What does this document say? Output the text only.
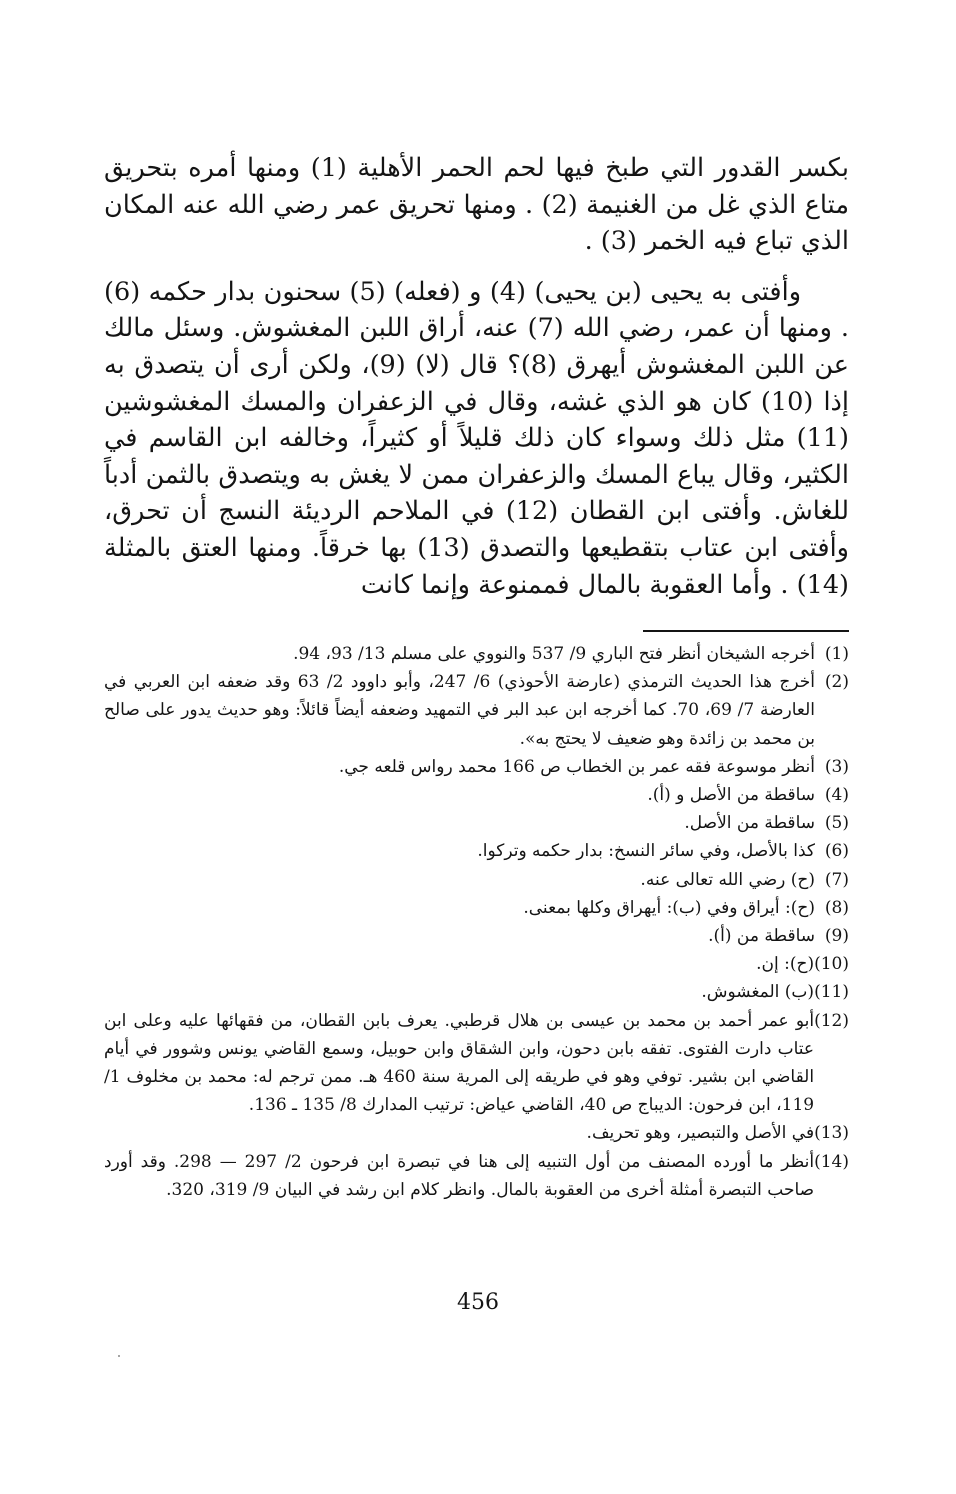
بكسر القدور التي طبخ فيها لحم الحمر الأهلية (1) ومنها أمره بتحريق متاع الذي غل من الغنيمة (2) . ومنها تحريق عمر رضي الله عنه المكان الذي تباع فيه الخمر (3) .

وأفتى به يحيى (بن يحيى) (4) و (فعله) (5) سحنون بدار حكمه (6) . ومنها أن عمر، رضي الله (7) عنه، أراق اللبن المغشوش. وسئل مالك عن اللبن المغشوش أيهرق (8)؟ قال (لا) (9)، ولكن أرى أن يتصدق به إذا (10) كان هو الذي غشه، وقال في الزعفران والمسك المغشوشين (11) مثل ذلك وسواء كان ذلك قليلاً أو كثيراً، وخالفه ابن القاسم في الكثير، وقال يباع المسك والزعفران ممن لا يغش به ويتصدق بالثمن أدباً للغاش. وأفتى ابن القطان (12) في الملاحم الرديئة النسج أن تحرق، وأفتى ابن عتاب بتقطيعها والتصدق (13) بها خرقاً. ومنها العتق بالمثلة (14) . وأما العقوبة بالمال فممنوعة وإنما كانت

(1)
أخرجه الشيخان أنظر فتح الباري 9/ 537 والنووي على مسلم 13/ 93، 94.
(2)
أخرج هذا الحديث الترمذي (عارضة الأحوذي) 6/ 247، وأبو داوود 2/ 63 وقد ضعفه ابن العربي في العارضة 7/ 69، 70. كما أخرجه ابن عبد البر في التمهيد وضعفه أيضاً قائلاً: وهو حديث يدور على صالح بن محمد بن زائدة وهو ضعيف لا يحتج به».
(3)
أنظر موسوعة فقه عمر بن الخطاب ص 166 محمد رواس قلعه جي.
(4)
ساقطة من الأصل و (أ).
(5)
ساقطة من الأصل.
(6)
كذا بالأصل، وفي سائر النسخ: بدار حكمه وتركوا.
(7)
(ح) رضي الله تعالى عنه.
(8)
(ح): أيراق وفي (ب): أيهراق وكلها بمعنى.
(9)
ساقطة من (أ).
(10)
(ح): إن.
(11)
(ب) المغشوش.
(12)
أبو عمر أحمد بن محمد بن عيسى بن هلال قرطبي. يعرف بابن القطان، من فقهائها عليه وعلى ابن عتاب دارت الفتوى. تفقه بابن دحون، وابن الشقاق وابن حوبيل، وسمع القاضي يونس وشوور في أيام القاضي ابن بشير. توفي وهو في طريقه إلى المرية سنة 460 هـ. ممن ترجم له: محمد بن مخلوف 1/ 119، ابن فرحون: الديباج ص 40، القاضي عياض: ترتيب المدارك 8/ 135 ـ 136.
(13)
في الأصل والتبصير، وهو تحريف.
(14)
أنظر ما أورده المصنف من أول التنبيه إلى هنا في تبصرة ابن فرحون 2/ 297 — 298. وقد أورد صاحب التبصرة أمثلة أخرى من العقوبة بالمال. وانظر كلام ابن رشد في البيان 9/ 319، 320.
456
